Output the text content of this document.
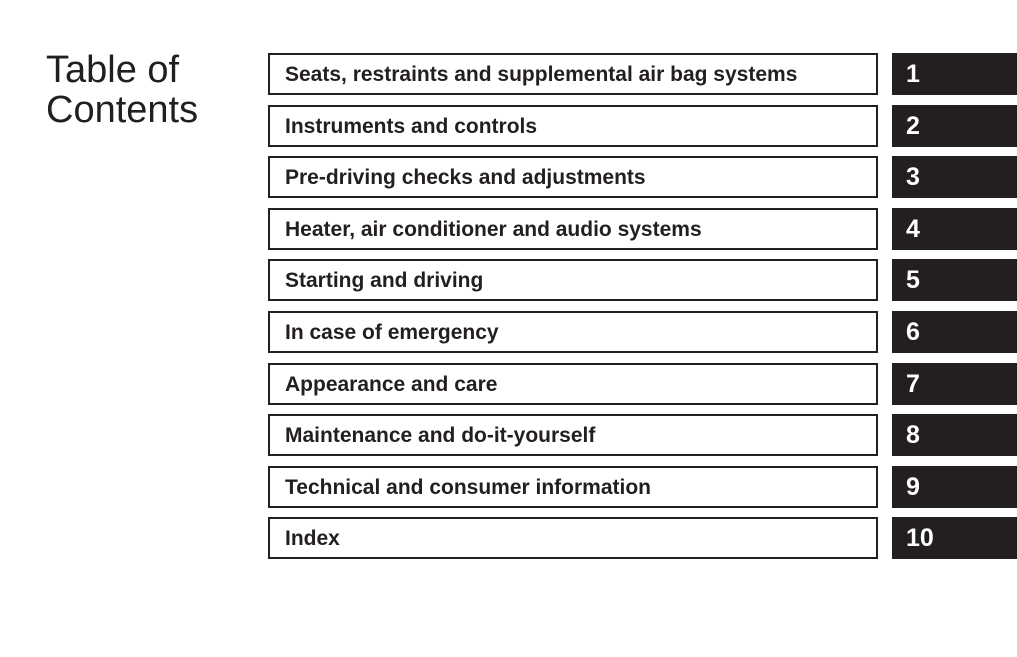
Table of
Contents
Seats, restraints and supplemental air bag systems	1
Instruments and controls	2
Pre-driving checks and adjustments	3
Heater, air conditioner and audio systems	4
Starting and driving	5
In case of emergency	6
Appearance and care	7
Maintenance and do-it-yourself	8
Technical and consumer information	9
Index	10
